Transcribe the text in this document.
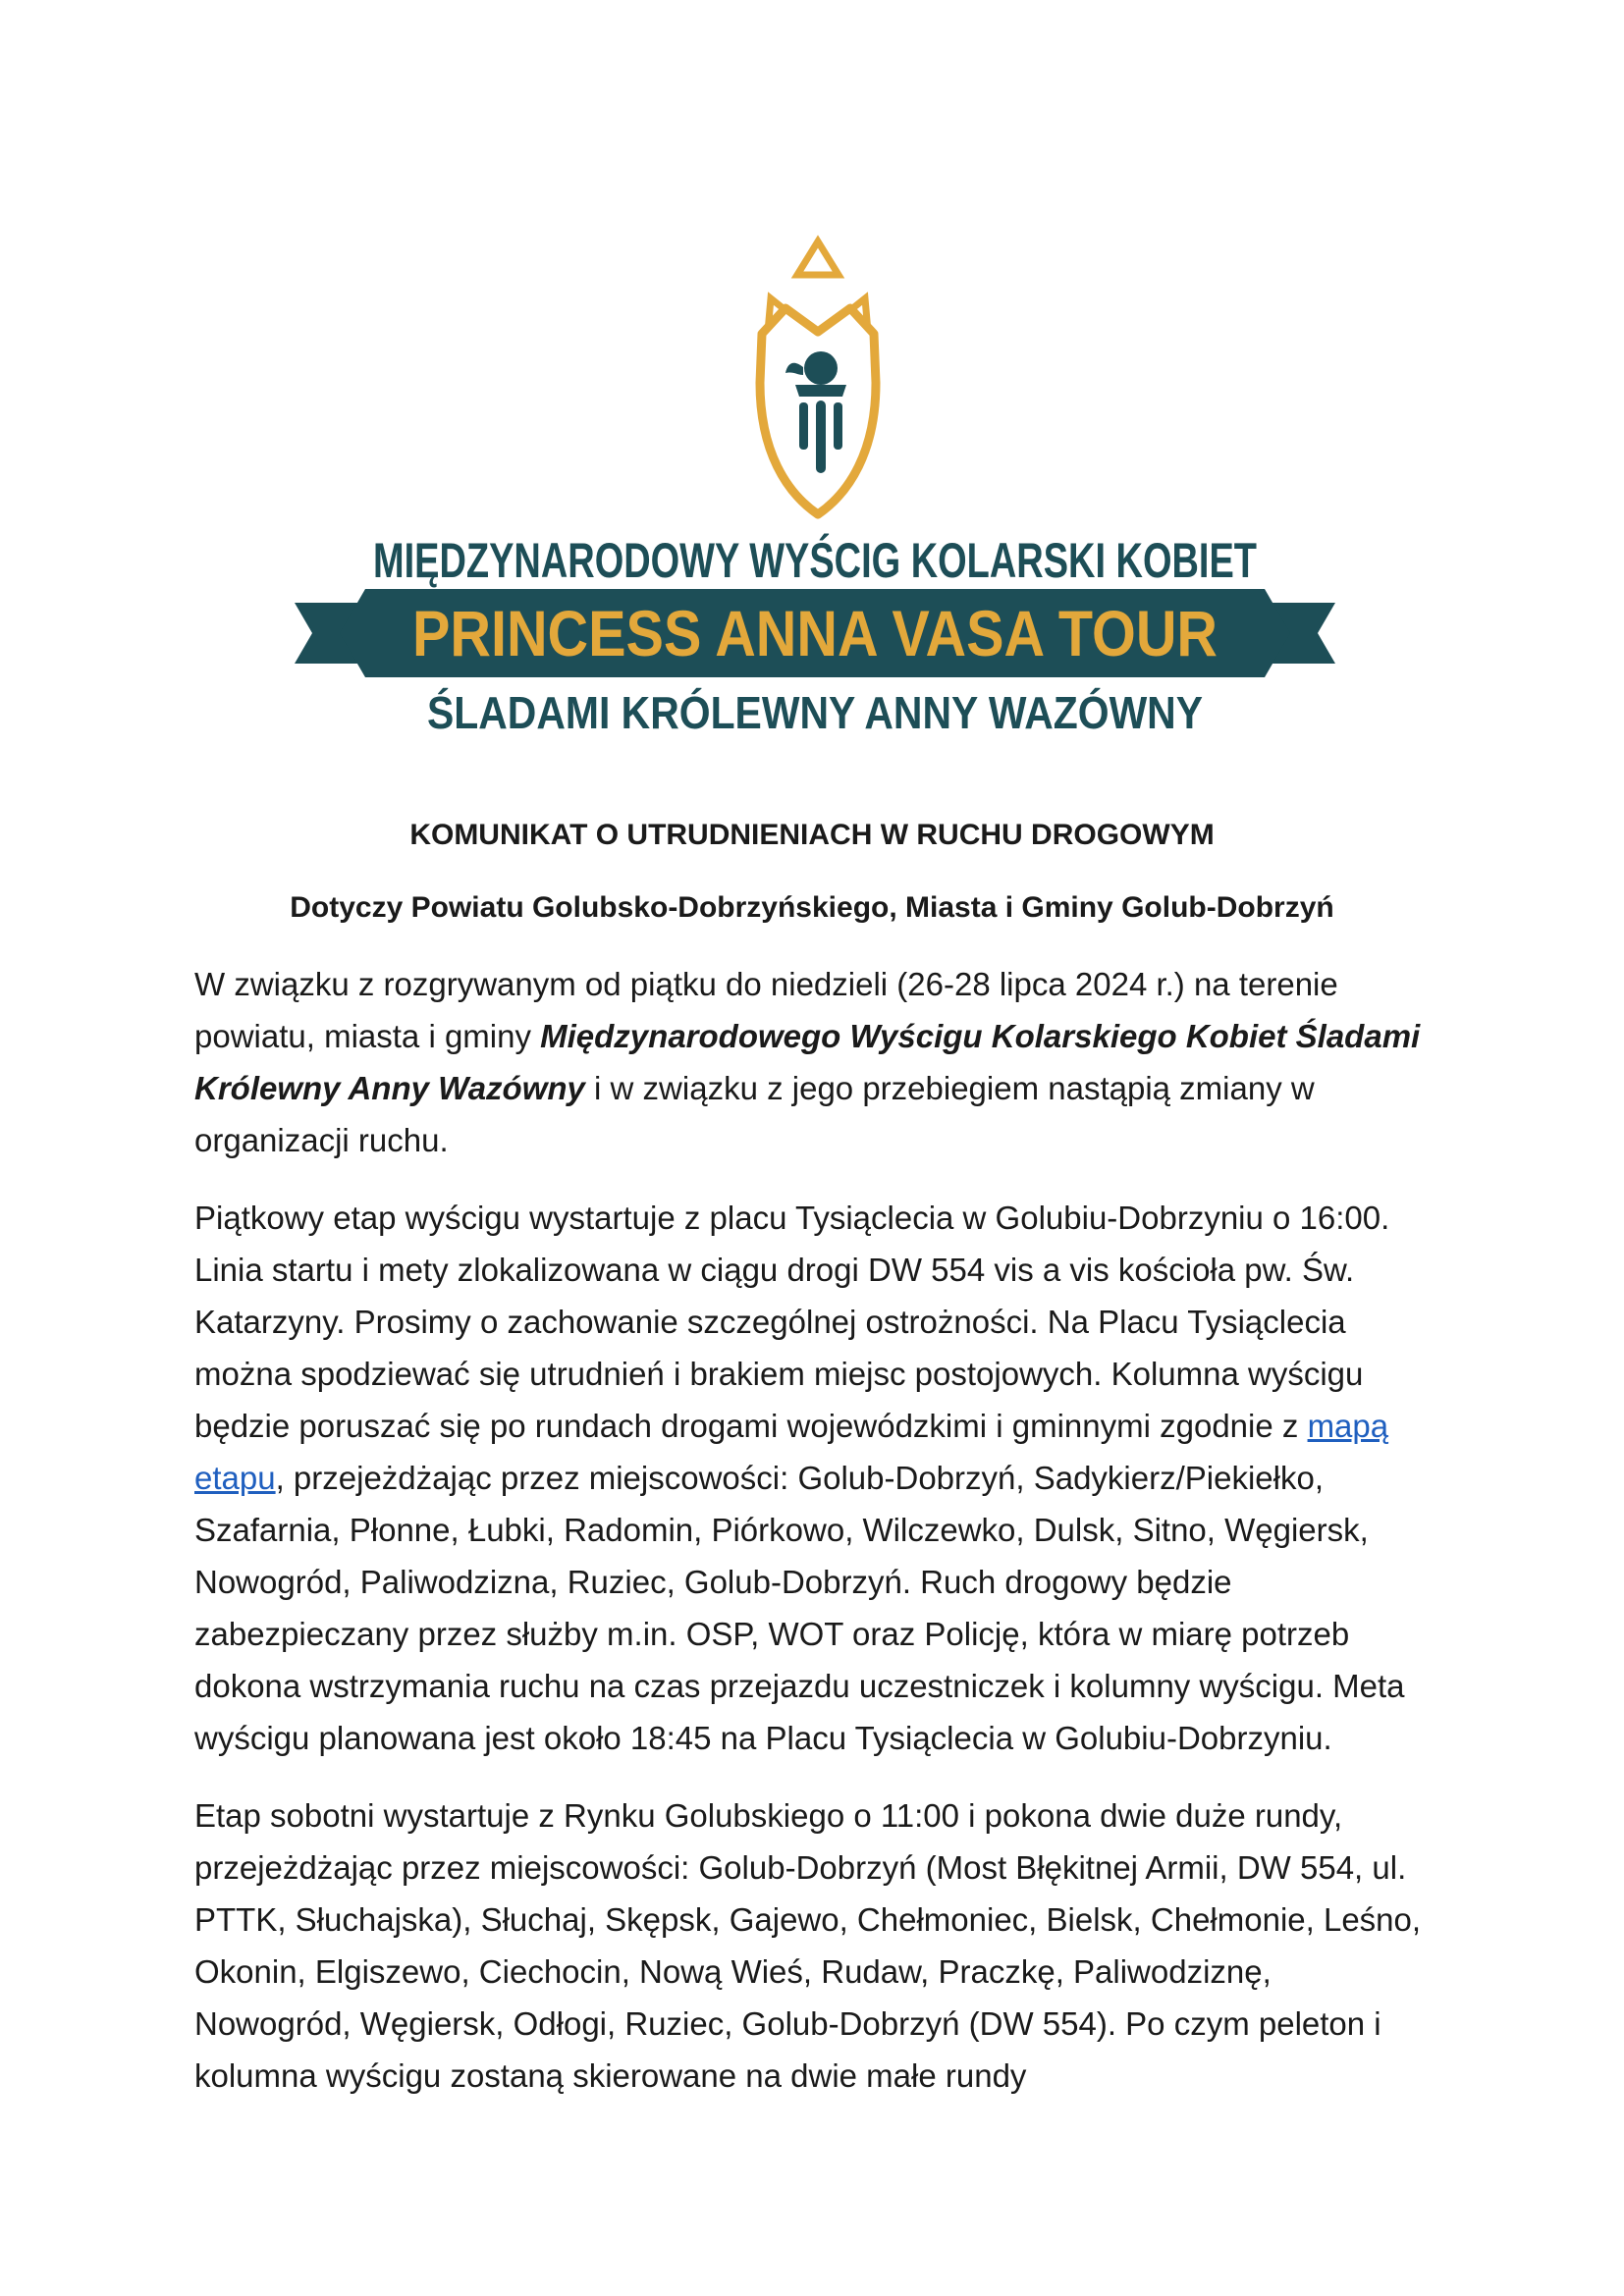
MIĘDZYNARODOWY WYŚCIG KOLARSKI KOBIET
PRINCESS ANNA VASA TOUR
ŚLADAMI KRÓLEWNY ANNY WAZÓWNY
KOMUNIKAT O UTRUDNIENIACH W RUCHU DROGOWYM
Dotyczy Powiatu Golubsko-Dobrzyńskiego, Miasta i Gminy Golub-Dobrzyń

W związku z rozgrywanym od piątku do niedzieli (26-28 lipca 2024 r.) na terenie powiatu, miasta i gminy Międzynarodowego Wyścigu Kolarskiego Kobiet Śladami Królewny Anny Wazówny i w związku z jego przebiegiem nastąpią zmiany w organizacji ruchu.

Piątkowy etap wyścigu wystartuje z placu Tysiąclecia w Golubiu-Dobrzyniu o 16:00. Linia startu i mety zlokalizowana w ciągu drogi DW 554 vis a vis kościoła pw. Św. Katarzyny. Prosimy o zachowanie szczególnej ostrożności. Na Placu Tysiąclecia można spodziewać się utrudnień i brakiem miejsc postojowych. Kolumna wyścigu będzie poruszać się po rundach drogami wojewódzkimi i gminnymi zgodnie z mapą etapu, przejeżdżając przez miejscowości: Golub-Dobrzyń, Sadykierz/Piekiełko, Szafarnia, Płonne, Łubki, Radomin, Piórkowo, Wilczewko, Dulsk, Sitno, Węgiersk, Nowogród, Paliwodzizna, Ruziec, Golub-Dobrzyń. Ruch drogowy będzie zabezpieczany przez służby m.in. OSP, WOT oraz Policję, która w miarę potrzeb dokona wstrzymania ruchu na czas przejazdu uczestniczek i kolumny wyścigu. Meta wyścigu planowana jest około 18:45 na Placu Tysiąclecia w Golubiu-Dobrzyniu.

Etap sobotni wystartuje z Rynku Golubskiego o 11:00 i pokona dwie duże rundy, przejeżdżając przez miejscowości: Golub-Dobrzyń (Most Błękitnej Armii, DW 554, ul. PTTK, Słuchajska), Słuchaj, Skępsk, Gajewo, Chełmoniec, Bielsk, Chełmonie, Leśno, Okonin, Elgiszewo, Ciechocin, Nową Wieś, Rudaw, Praczkę, Paliwodziznę, Nowogród, Węgiersk, Odłogi, Ruziec, Golub-Dobrzyń (DW 554). Po czym peleton i kolumna wyścigu zostaną skierowane na dwie małe rundy
